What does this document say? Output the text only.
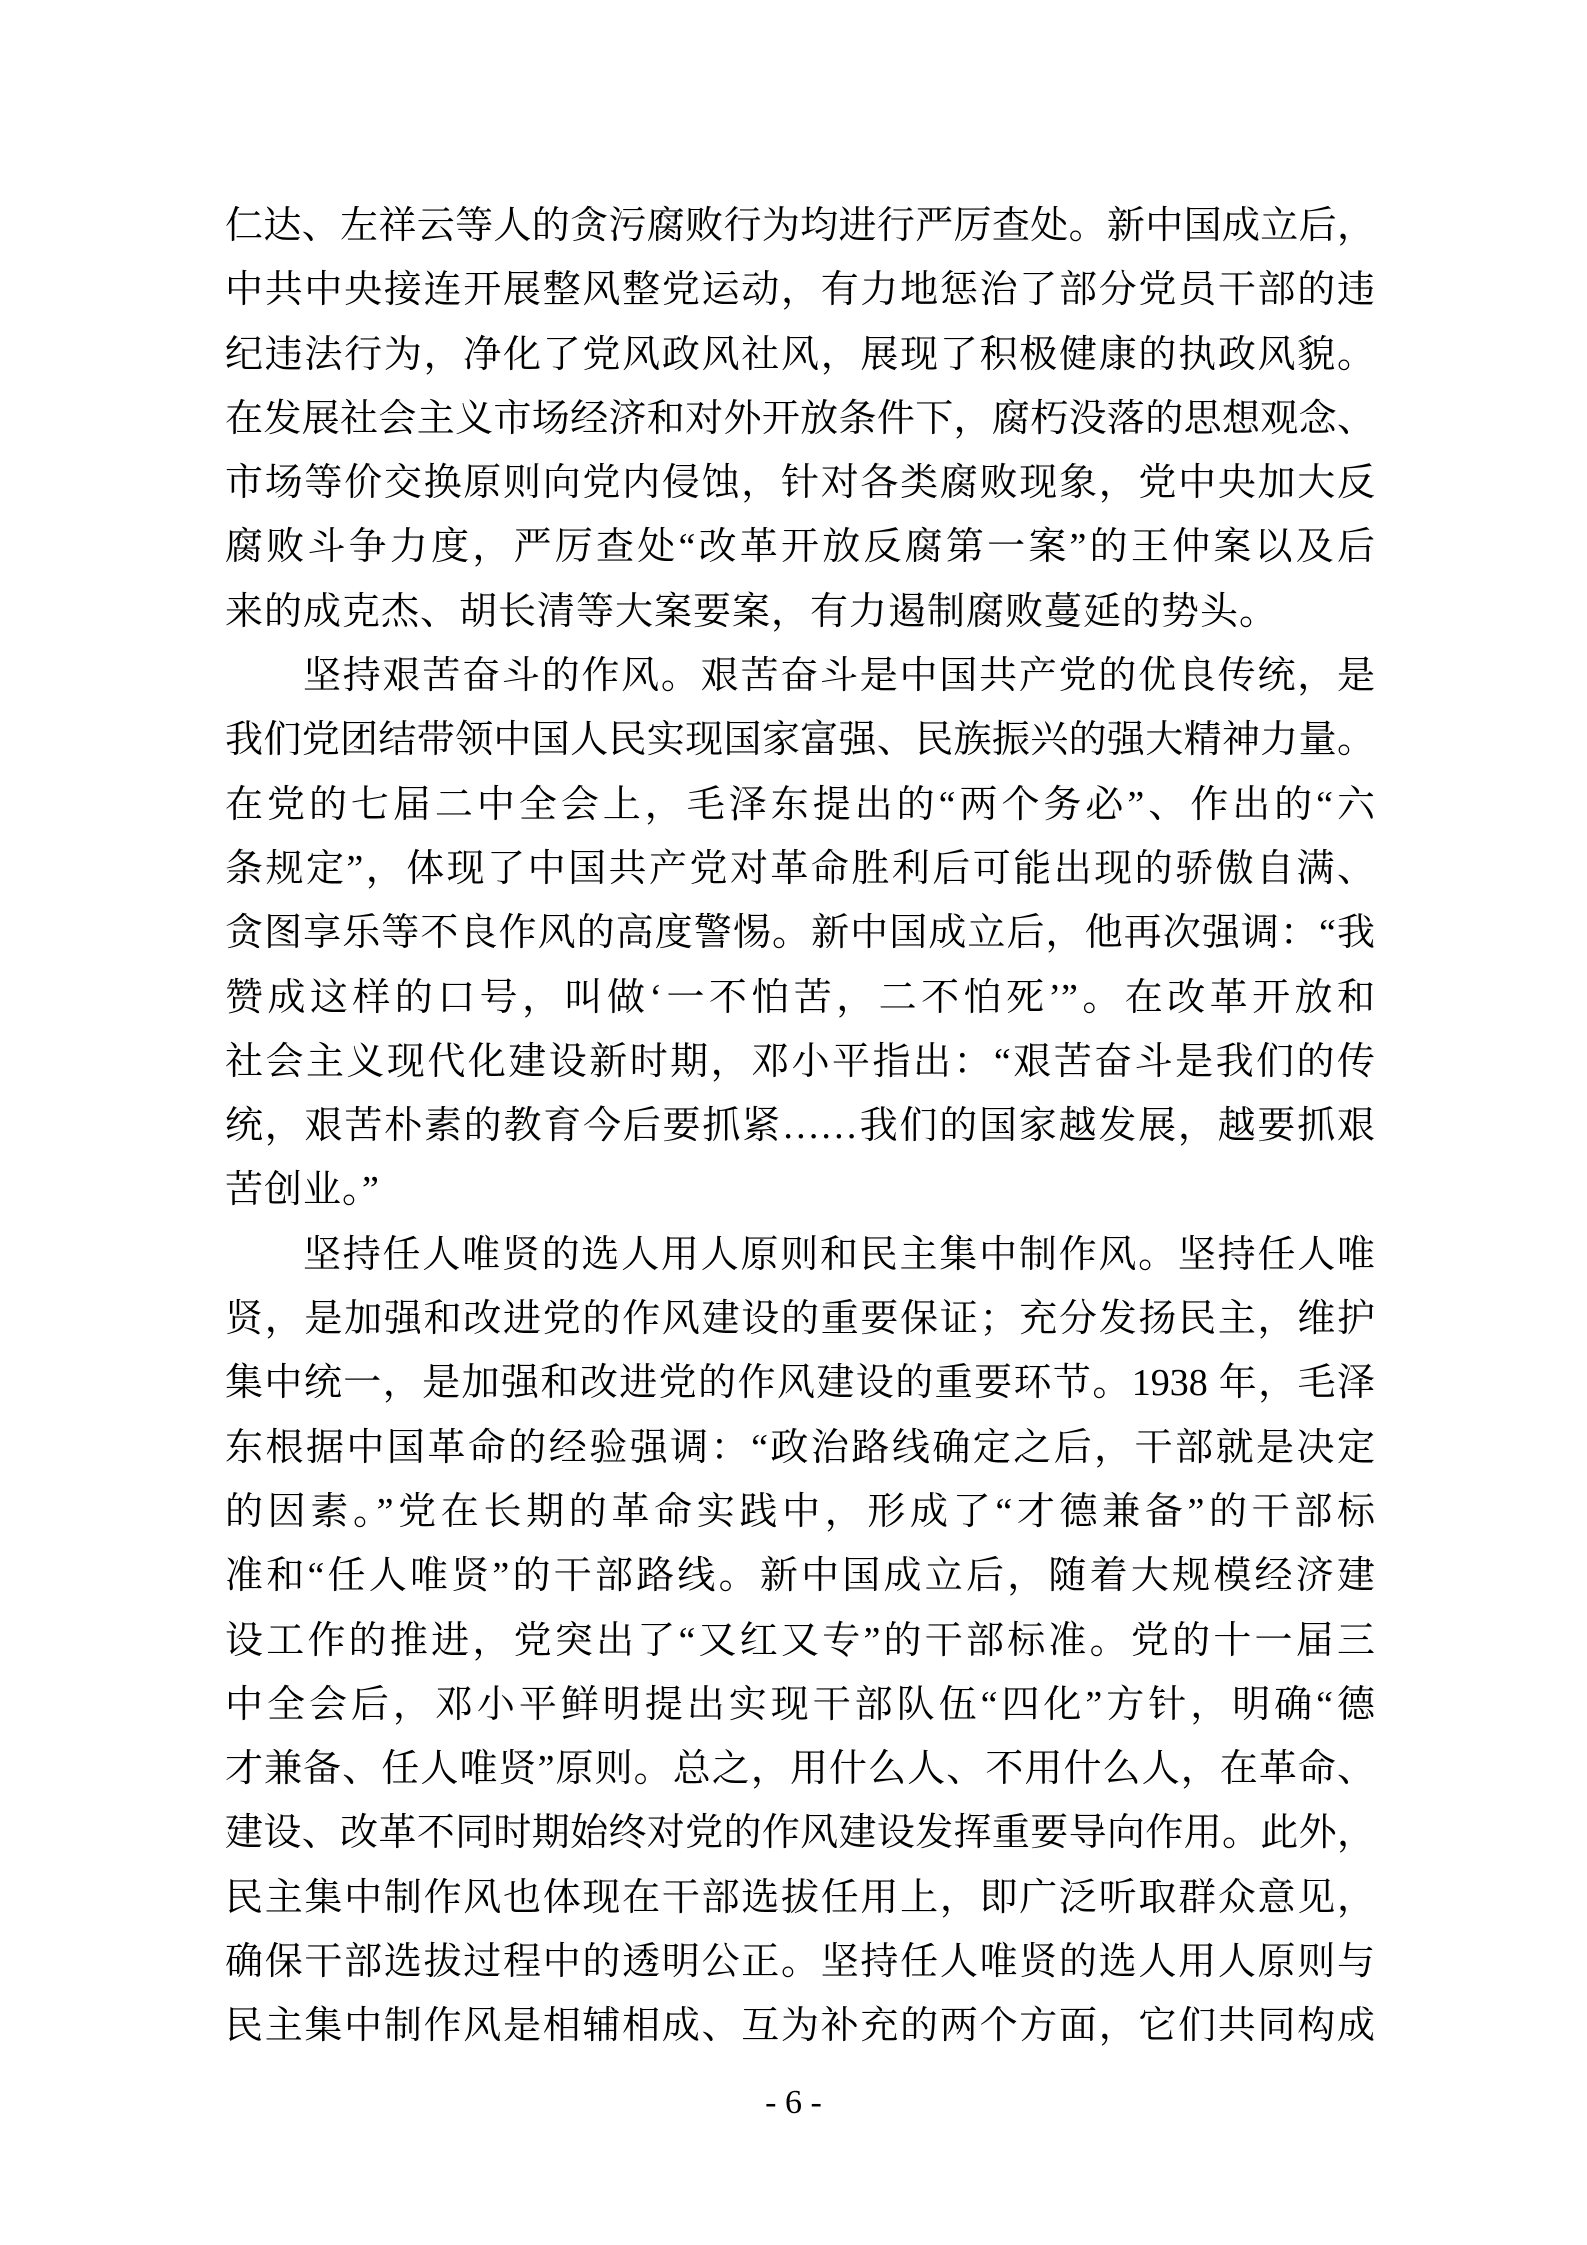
仁达、左祥云等人的贪污腐败行为均进行严厉查处。新中国成立后，
中共中央接连开展整风整党运动，有力地惩治了部分党员干部的违
纪违法行为，净化了党风政风社风，展现了积极健康的执政风貌。
在发展社会主义市场经济和对外开放条件下，腐朽没落的思想观念、
市场等价交换原则向党内侵蚀，针对各类腐败现象，党中央加大反
腐败斗争力度，严厉查处“改革开放反腐第一案”的王仲案以及后
来的成克杰、胡长清等大案要案，有力遏制腐败蔓延的势头。
坚持艰苦奋斗的作风。艰苦奋斗是中国共产党的优良传统，是
我们党团结带领中国人民实现国家富强、民族振兴的强大精神力量。
在党的七届二中全会上，毛泽东提出的“两个务必”、作出的“六
条规定”，体现了中国共产党对革命胜利后可能出现的骄傲自满、
贪图享乐等不良作风的高度警惕。新中国成立后，他再次强调：“我
赞成这样的口号，叫做‘一不怕苦，二不怕死’”。在改革开放和
社会主义现代化建设新时期，邓小平指出：“艰苦奋斗是我们的传
统，艰苦朴素的教育今后要抓紧……我们的国家越发展，越要抓艰
苦创业。”
坚持任人唯贤的选人用人原则和民主集中制作风。坚持任人唯
贤，是加强和改进党的作风建设的重要保证；充分发扬民主，维护
集中统一，是加强和改进党的作风建设的重要环节。1938 年，毛泽
东根据中国革命的经验强调：“政治路线确定之后，干部就是决定
的因素。”党在长期的革命实践中，形成了“才德兼备”的干部标
准和“任人唯贤”的干部路线。新中国成立后，随着大规模经济建
设工作的推进，党突出了“又红又专”的干部标准。党的十一届三
中全会后，邓小平鲜明提出实现干部队伍“四化”方针，明确“德
才兼备、任人唯贤”原则。总之，用什么人、不用什么人，在革命、
建设、改革不同时期始终对党的作风建设发挥重要导向作用。此外，
民主集中制作风也体现在干部选拔任用上，即广泛听取群众意见，
确保干部选拔过程中的透明公正。坚持任人唯贤的选人用人原则与
民主集中制作风是相辅相成、互为补充的两个方面，它们共同构成
- 6 -
